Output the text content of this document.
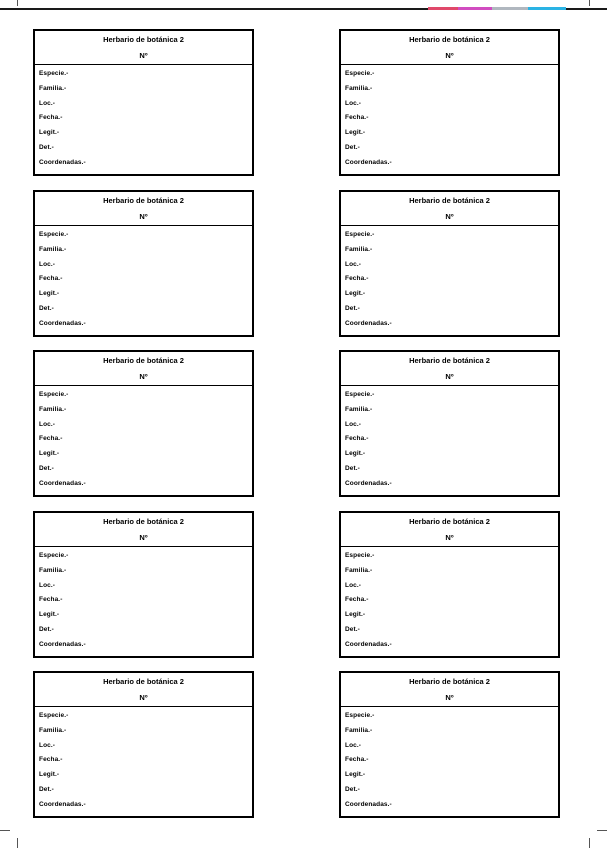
Herbario de botánica 2
Nº
Especie.-
Familia.-
Loc.-
Fecha.-
Legit.-
Det.-
Coordenadas.-
Herbario de botánica 2
Nº
Especie.-
Familia.-
Loc.-
Fecha.-
Legit.-
Det.-
Coordenadas.-
Herbario de botánica 2
Nº
Especie.-
Familia.-
Loc.-
Fecha.-
Legit.-
Det.-
Coordenadas.-
Herbario de botánica 2
Nº
Especie.-
Familia.-
Loc.-
Fecha.-
Legit.-
Det.-
Coordenadas.-
Herbario de botánica 2
Nº
Especie.-
Familia.-
Loc.-
Fecha.-
Legit.-
Det.-
Coordenadas.-
Herbario de botánica 2
Nº
Especie.-
Familia.-
Loc.-
Fecha.-
Legit.-
Det.-
Coordenadas.-
Herbario de botánica 2
Nº
Especie.-
Familia.-
Loc.-
Fecha.-
Legit.-
Det.-
Coordenadas.-
Herbario de botánica 2
Nº
Especie.-
Familia.-
Loc.-
Fecha.-
Legit.-
Det.-
Coordenadas.-
Herbario de botánica 2
Nº
Especie.-
Familia.-
Loc.-
Fecha.-
Legit.-
Det.-
Coordenadas.-
Herbario de botánica 2
Nº
Especie.-
Familia.-
Loc.-
Fecha.-
Legit.-
Det.-
Coordenadas.-
